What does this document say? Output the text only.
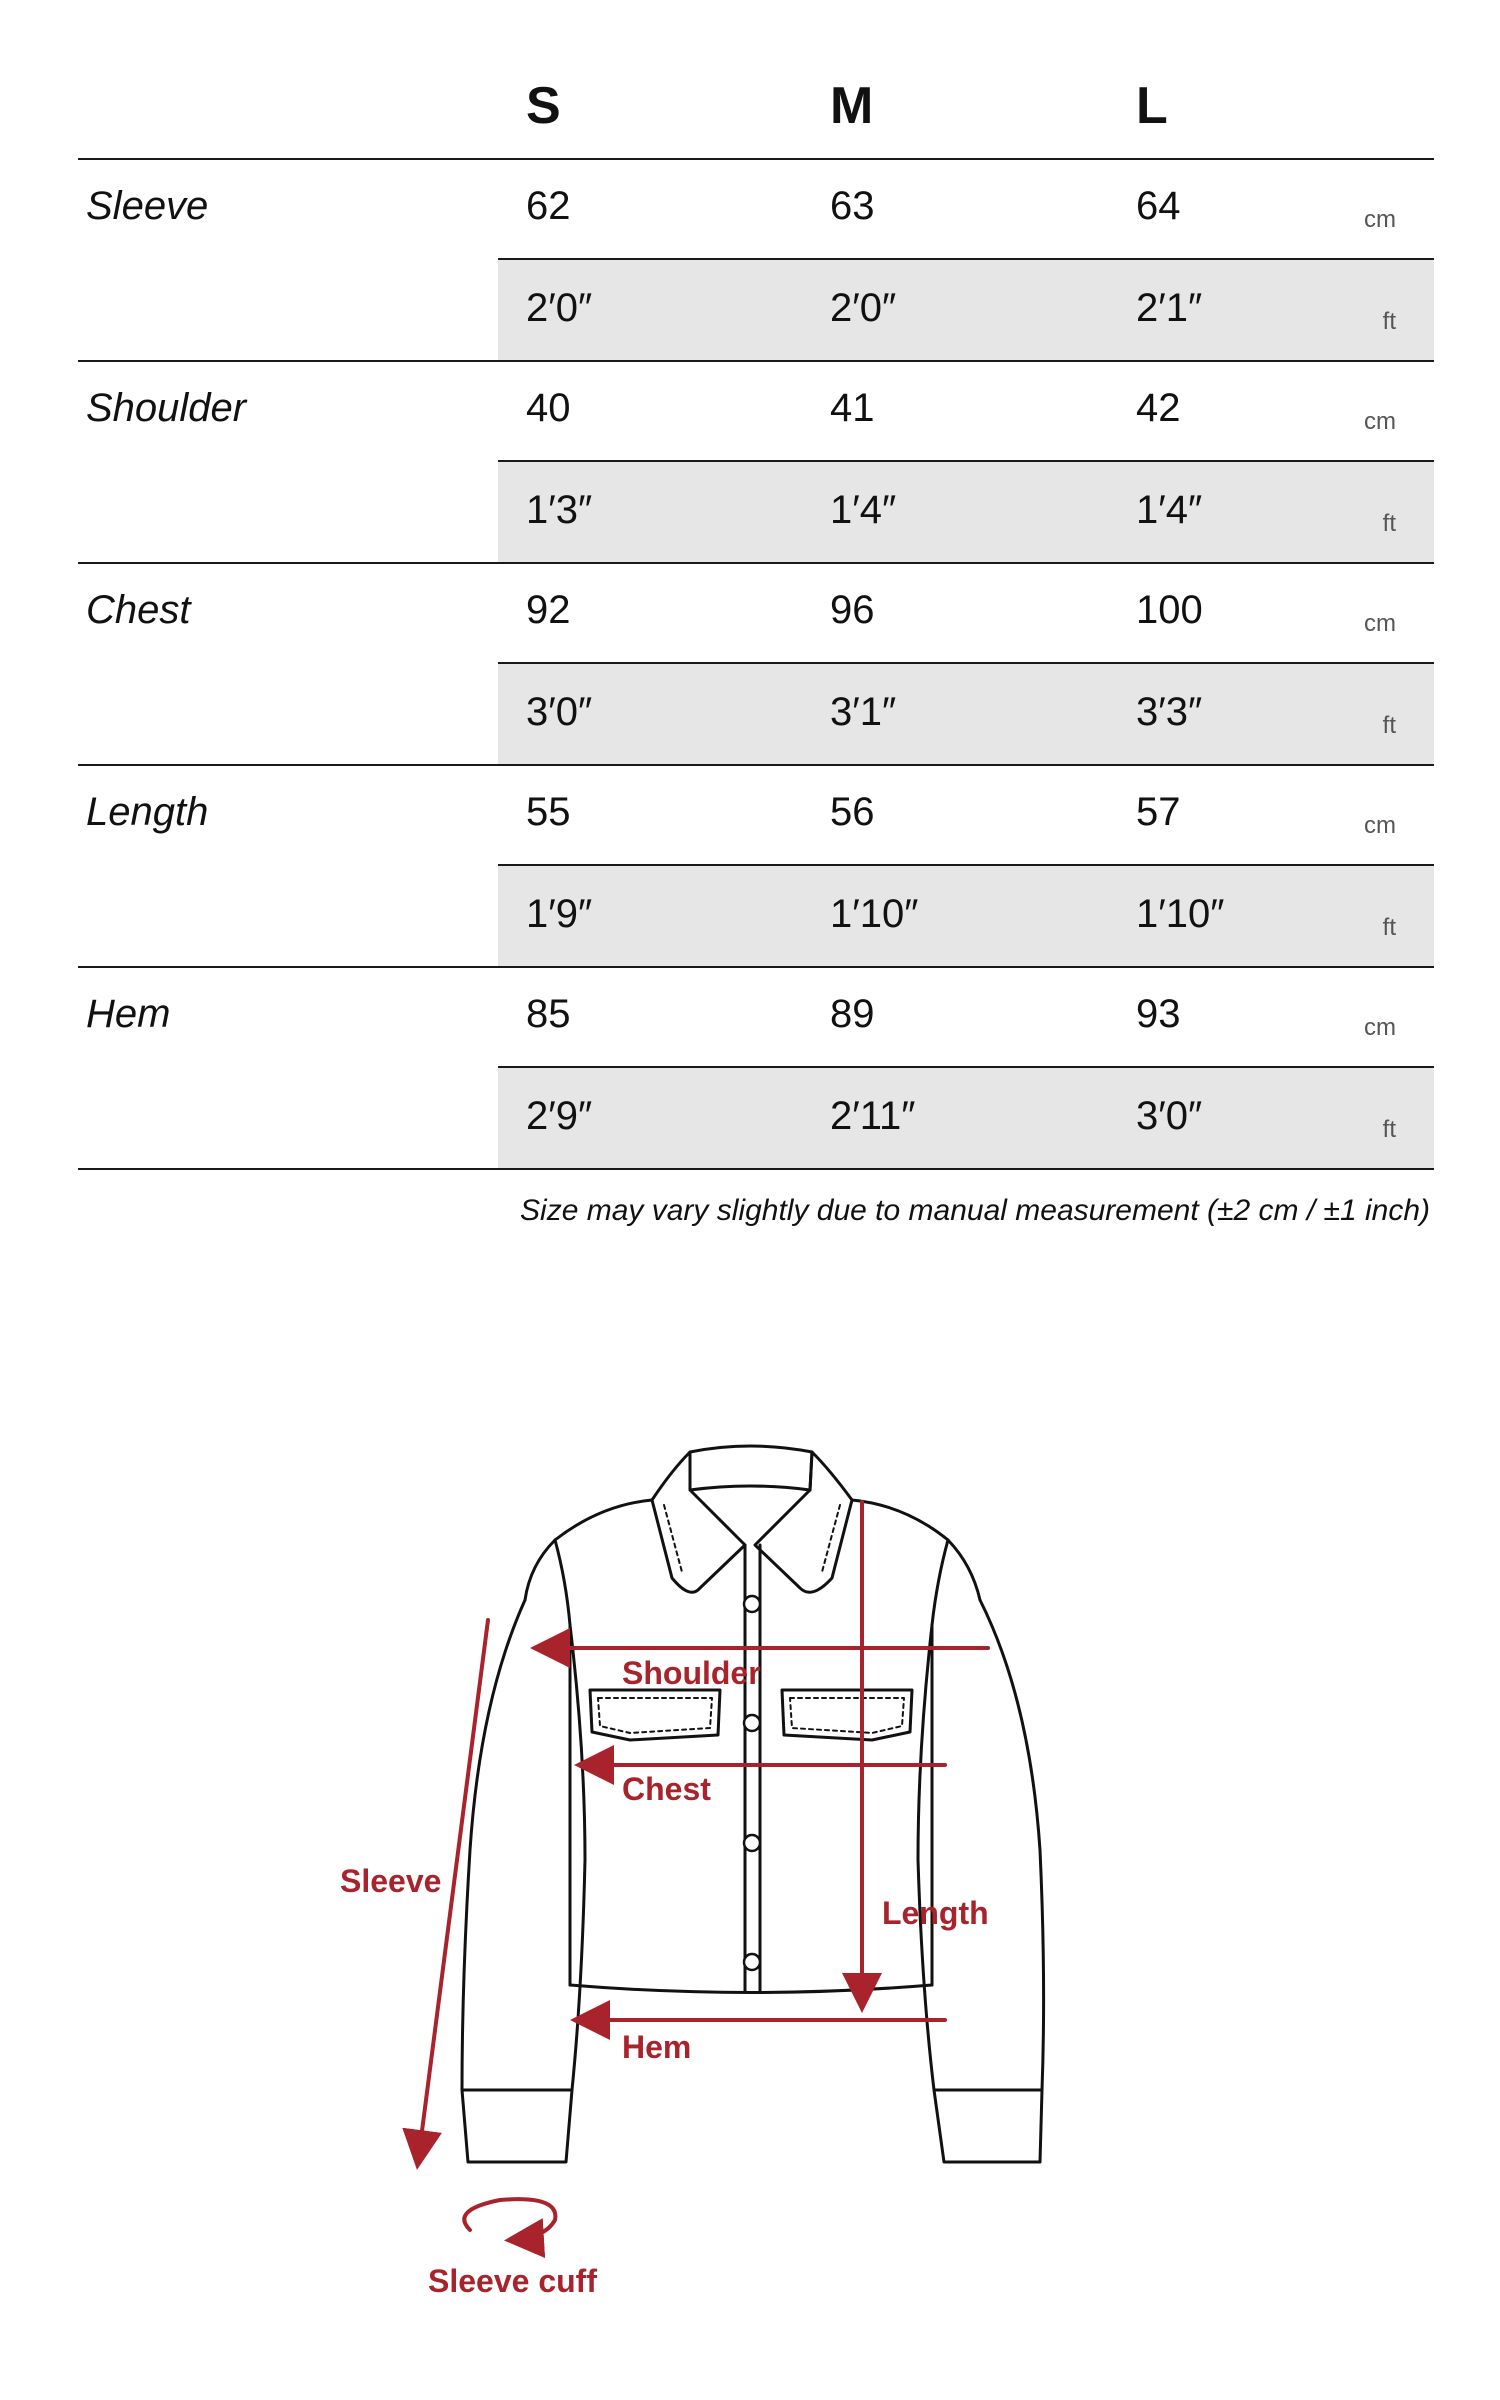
S	M	L
Sleeve	62	63	64	cm
2′0″	2′0″	2′1″	ft
Shoulder	40	41	42	cm
1′3″	1′4″	1′4″	ft
Chest	92	96	100	cm
3′0″	3′1″	3′3″	ft
Length	55	56	57	cm
1′9″	1′10″	1′10″	ft
Hem	85	89	93	cm
2′9″	2′11″	3′0″	ft
Size may vary slightly due to manual measurement (±2 cm / ±1 inch)
Shoulder
Chest
Length
Hem
Sleeve
Sleeve cuff
